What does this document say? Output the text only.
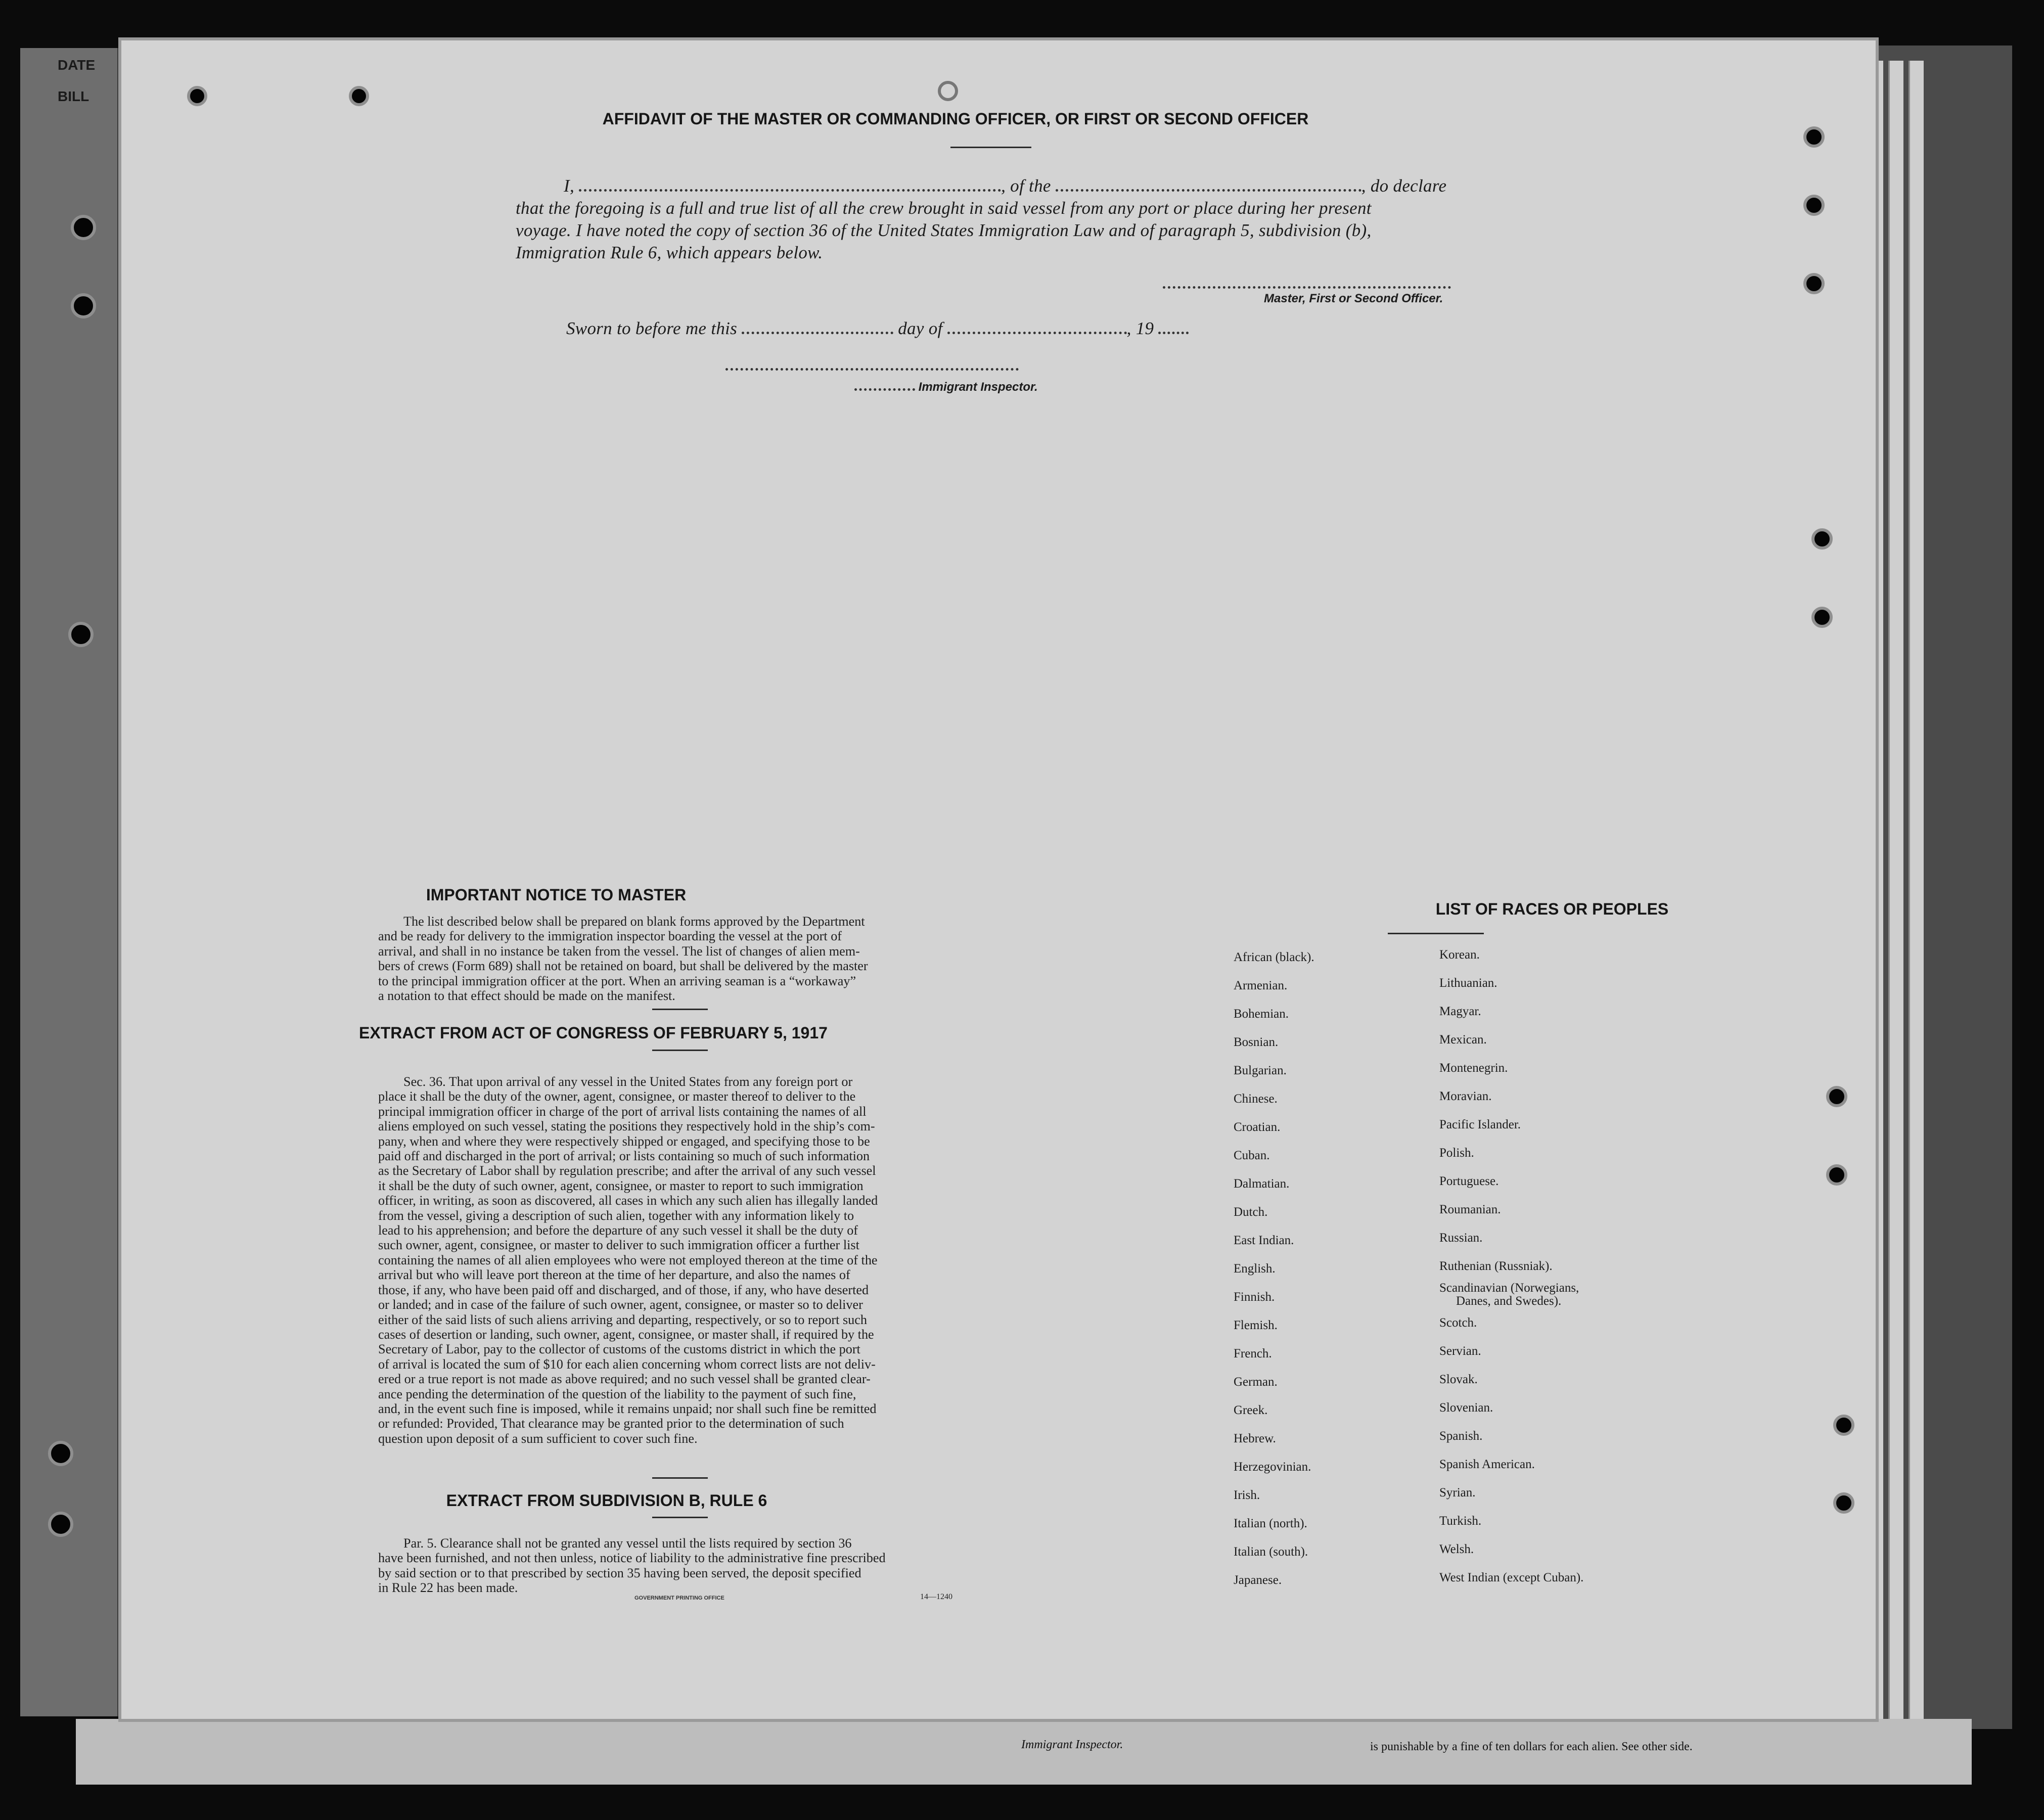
DATE
BILL
Immigrant Inspector.	is punishable by a fine of ten dollars for each alien. See other side.
AFFIDAVIT OF THE MASTER OR COMMANDING OFFICER, OR FIRST OR SECOND OFFICER
I,	, of the	, do declare
that the foregoing is a full and true list of all the crew brought in said vessel from any port or place during her present
voyage. I have noted the copy of section 36 of the United States Immigration Law and of paragraph 5, subdivision (b),
Immigration Rule 6, which appears below.
Master, First or Second Officer.
Sworn to before me this	day of	, 19
Immigrant Inspector.
IMPORTANT NOTICE TO MASTER
The list described below shall be prepared on blank forms approved by the Department
and be ready for delivery to the immigration inspector boarding the vessel at the port of
arrival, and shall in no instance be taken from the vessel. The list of changes of alien mem-
bers of crews (Form 689) shall not be retained on board, but shall be delivered by the master
to the principal immigration officer at the port. When an arriving seaman is a “workaway”
a notation to that effect should be made on the manifest.
EXTRACT FROM ACT OF CONGRESS OF FEBRUARY 5, 1917
Sec. 36. That upon arrival of any vessel in the United States from any foreign port or
place it shall be the duty of the owner, agent, consignee, or master thereof to deliver to the
principal immigration officer in charge of the port of arrival lists containing the names of all
aliens employed on such vessel, stating the positions they respectively hold in the ship’s com-
pany, when and where they were respectively shipped or engaged, and specifying those to be
paid off and discharged in the port of arrival; or lists containing so much of such information
as the Secretary of Labor shall by regulation prescribe; and after the arrival of any such vessel
it shall be the duty of such owner, agent, consignee, or master to report to such immigration
officer, in writing, as soon as discovered, all cases in which any such alien has illegally landed
from the vessel, giving a description of such alien, together with any information likely to
lead to his apprehension; and before the departure of any such vessel it shall be the duty of
such owner, agent, consignee, or master to deliver to such immigration officer a further list
containing the names of all alien employees who were not employed thereon at the time of the
arrival but who will leave port thereon at the time of her departure, and also the names of
those, if any, who have been paid off and discharged, and of those, if any, who have deserted
or landed; and in case of the failure of such owner, agent, consignee, or master so to deliver
either of the said lists of such aliens arriving and departing, respectively, or so to report such
cases of desertion or landing, such owner, agent, consignee, or master shall, if required by the
Secretary of Labor, pay to the collector of customs of the customs district in which the port
of arrival is located the sum of $10 for each alien concerning whom correct lists are not deliv-
ered or a true report is not made as above required; and no such vessel shall be granted clear-
ance pending the determination of the question of the liability to the payment of such fine,
and, in the event such fine is imposed, while it remains unpaid; nor shall such fine be remitted
or refunded: Provided, That clearance may be granted prior to the determination of such
question upon deposit of a sum sufficient to cover such fine.
EXTRACT FROM SUBDIVISION B, RULE 6
Par. 5. Clearance shall not be granted any vessel until the lists required by section 36
have been furnished, and not then unless, notice of liability to the administrative fine prescribed
by said section or to that prescribed by section 35 having been served, the deposit specified
in Rule 22 has been made.
GOVERNMENT PRINTING OFFICE	14—1240
LIST OF RACES OR PEOPLES
African (black).
Armenian.
Bohemian.
Bosnian.
Bulgarian.
Chinese.
Croatian.
Cuban.
Dalmatian.
Dutch.
East Indian.
English.
Finnish.
Flemish.
French.
German.
Greek.
Hebrew.
Herzegovinian.
Irish.
Italian (north).
Italian (south).
Japanese.
Korean.
Lithuanian.
Magyar.
Mexican.
Montenegrin.
Moravian.
Pacific Islander.
Polish.
Portuguese.
Roumanian.
Russian.
Ruthenian (Russniak).
Scandinavian (Norwegians,
Danes, and Swedes).
Scotch.
Servian.
Slovak.
Slovenian.
Spanish.
Spanish American.
Syrian.
Turkish.
Welsh.
West Indian (except Cuban).
